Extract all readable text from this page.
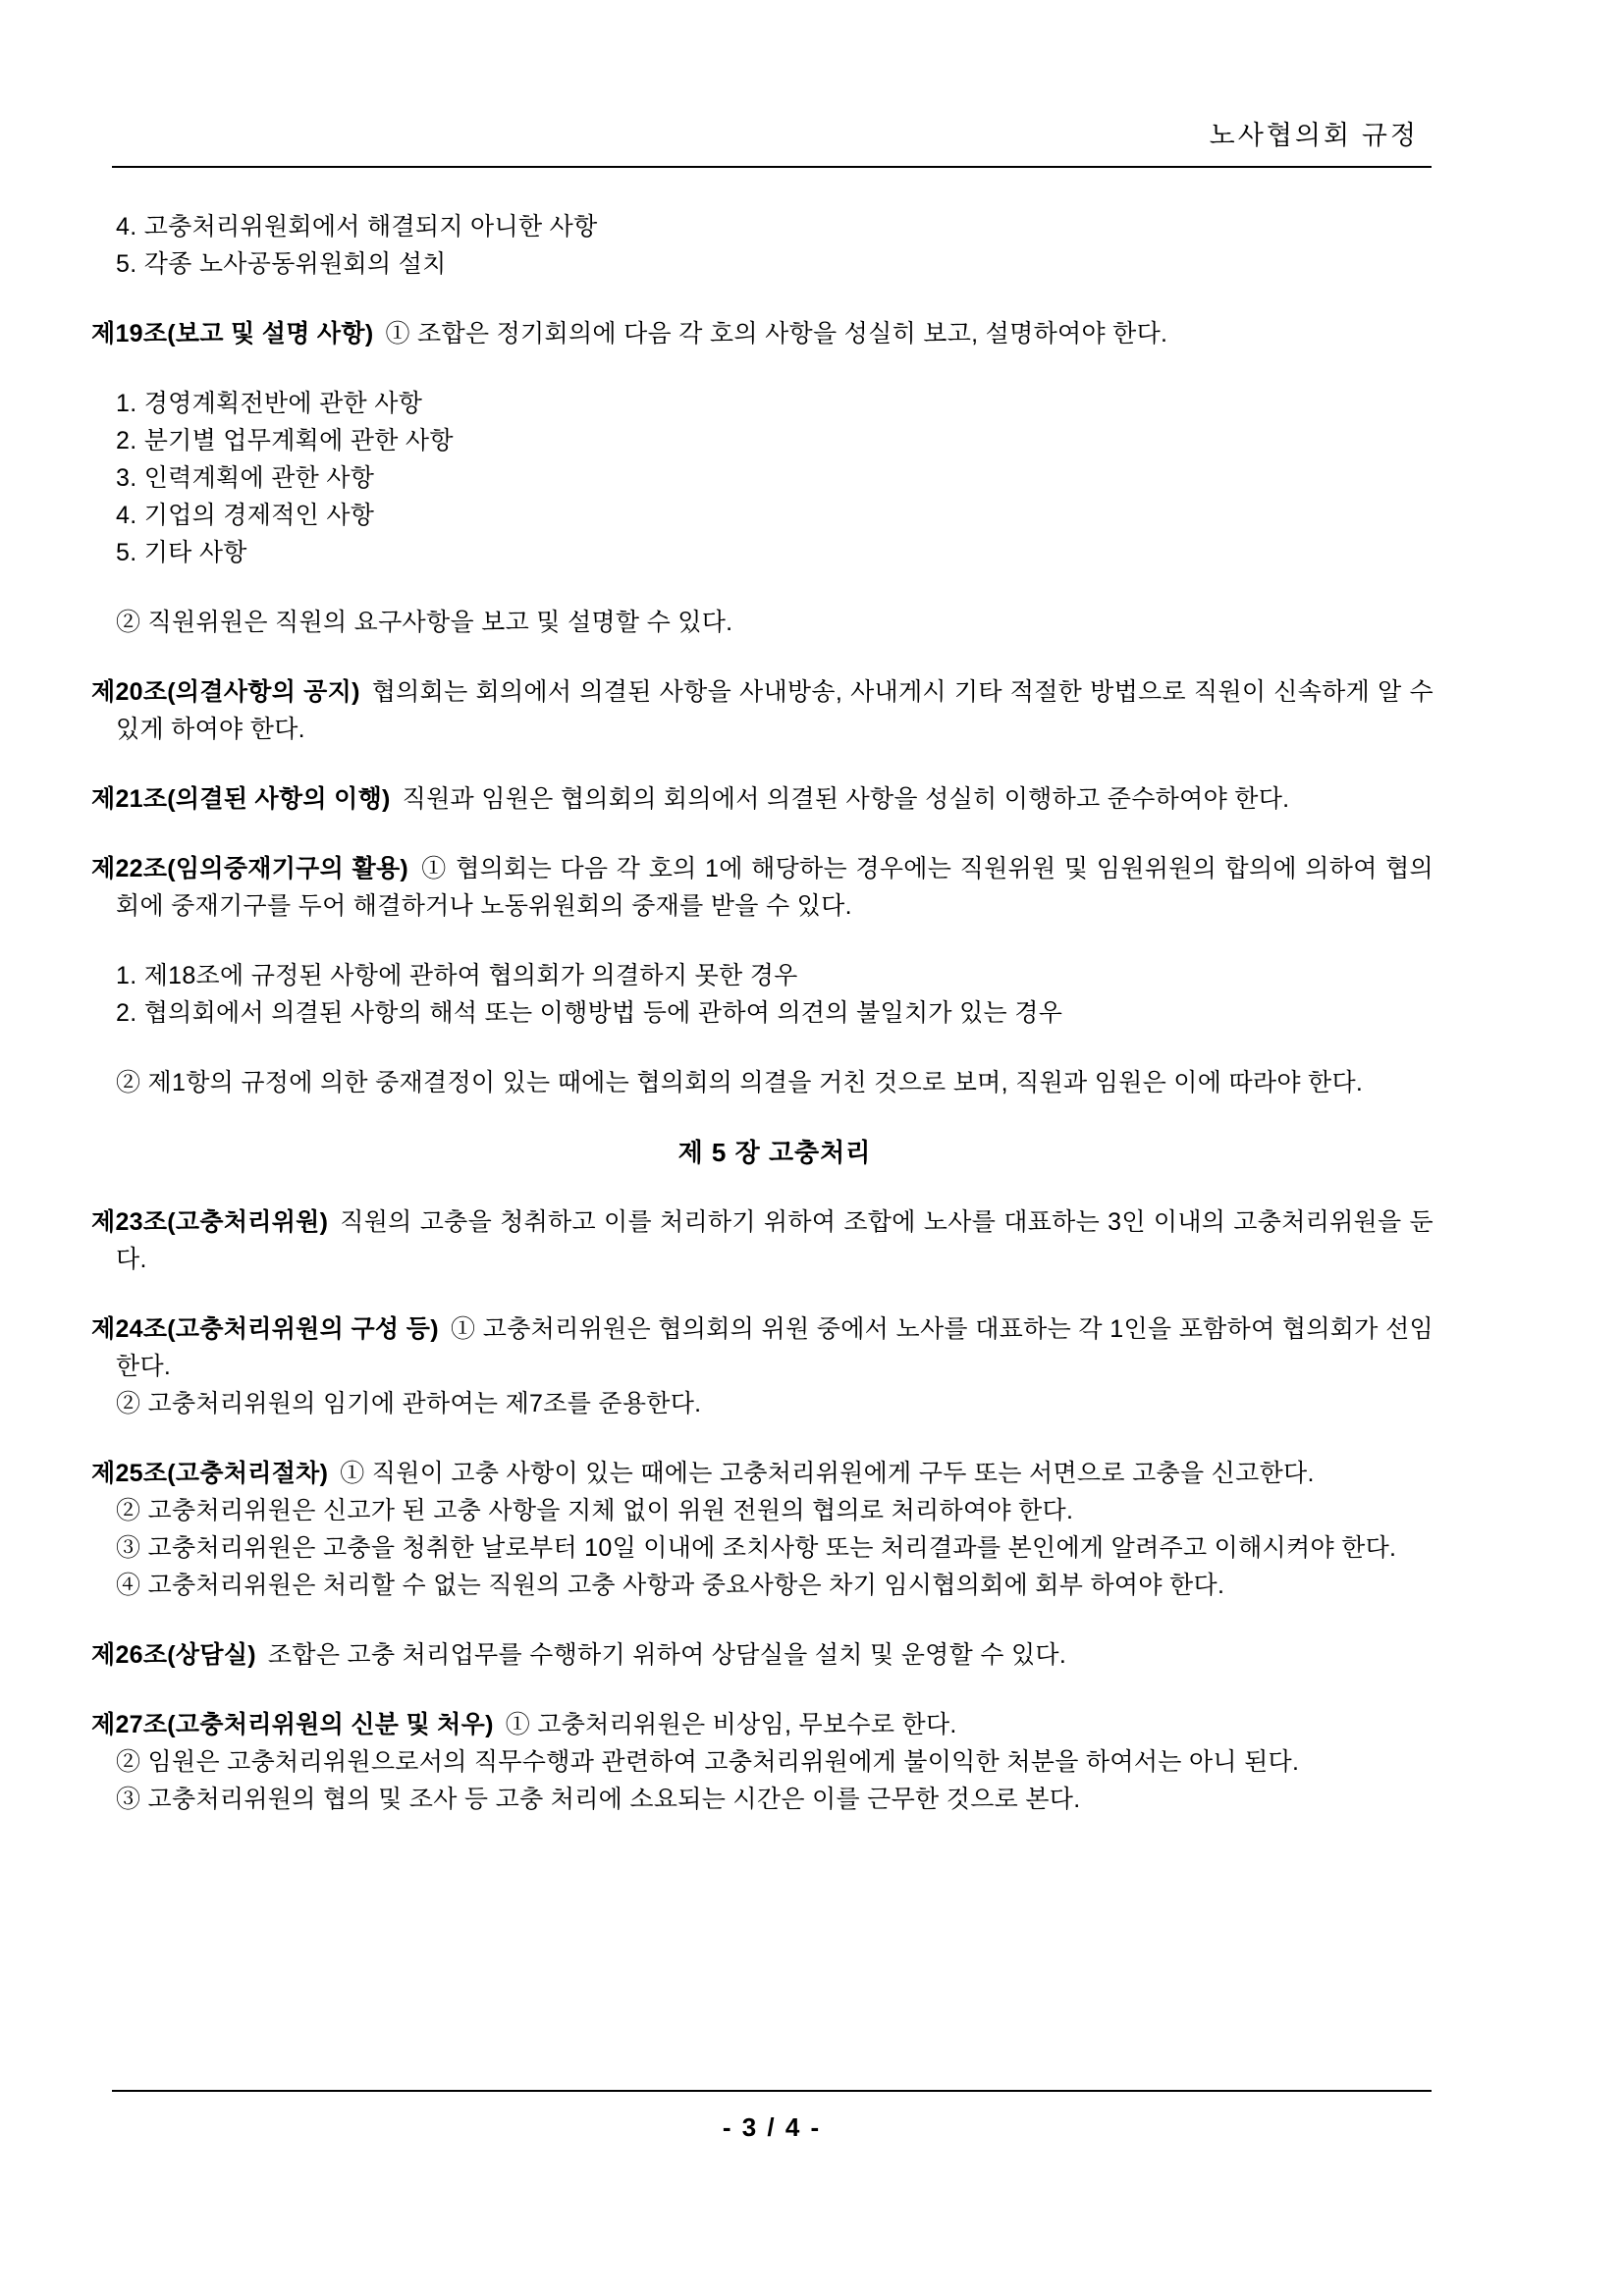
노사협의회 규정
4. 고충처리위원회에서 해결되지 아니한 사항
5. 각종 노사공동위원회의 설치

제19조(보고 및 설명 사항) ① 조합은 정기회의에 다음 각 호의 사항을 성실히 보고, 설명하여야 한다.

1. 경영계획전반에 관한 사항
2. 분기별 업무계획에 관한 사항
3. 인력계획에 관한 사항
4. 기업의 경제적인 사항
5. 기타 사항

② 직원위원은 직원의 요구사항을 보고 및 설명할 수 있다.

제20조(의결사항의 공지) 협의회는 회의에서 의결된 사항을 사내방송, 사내게시 기타 적절한 방법으로 직원이 신속하게 알 수 있게 하여야 한다.

제21조(의결된 사항의 이행) 직원과 임원은 협의회의 회의에서 의결된 사항을 성실히 이행하고 준수하여야 한다.

제22조(임의중재기구의 활용) ① 협의회는 다음 각 호의 1에 해당하는 경우에는 직원위원 및 임원위원의 합의에 의하여 협의회에 중재기구를 두어 해결하거나 노동위원회의 중재를 받을 수 있다.

1. 제18조에 규정된 사항에 관하여 협의회가 의결하지 못한 경우
2. 협의회에서 의결된 사항의 해석 또는 이행방법 등에 관하여 의견의 불일치가 있는 경우

② 제1항의 규정에 의한 중재결정이 있는 때에는 협의회의 의결을 거친 것으로 보며, 직원과 임원은 이에 따라야 한다.

제 5 장 고충처리

제23조(고충처리위원) 직원의 고충을 청취하고 이를 처리하기 위하여 조합에 노사를 대표하는 3인 이내의 고충처리위원을 둔다.

제24조(고충처리위원의 구성 등) ① 고충처리위원은 협의회의 위원 중에서 노사를 대표하는 각 1인을 포함하여 협의회가 선임한다.

② 고충처리위원의 임기에 관하여는 제7조를 준용한다.

제25조(고충처리절차) ① 직원이 고충 사항이 있는 때에는 고충처리위원에게 구두 또는 서면으로 고충을 신고한다.

② 고충처리위원은 신고가 된 고충 사항을 지체 없이 위원 전원의 협의로 처리하여야 한다.

③ 고충처리위원은 고충을 청취한 날로부터 10일 이내에 조치사항 또는 처리결과를 본인에게 알려주고 이해시켜야 한다.

④ 고충처리위원은 처리할 수 없는 직원의 고충 사항과 중요사항은 차기 임시협의회에 회부 하여야 한다.

제26조(상담실) 조합은 고충 처리업무를 수행하기 위하여 상담실을 설치 및 운영할 수 있다.

제27조(고충처리위원의 신분 및 처우) ① 고충처리위원은 비상임, 무보수로 한다.

② 임원은 고충처리위원으로서의 직무수행과 관련하여 고충처리위원에게 불이익한 처분을 하여서는 아니 된다.

③ 고충처리위원의 협의 및 조사 등 고충 처리에 소요되는 시간은 이를 근무한 것으로 본다.

- 3 / 4 -
